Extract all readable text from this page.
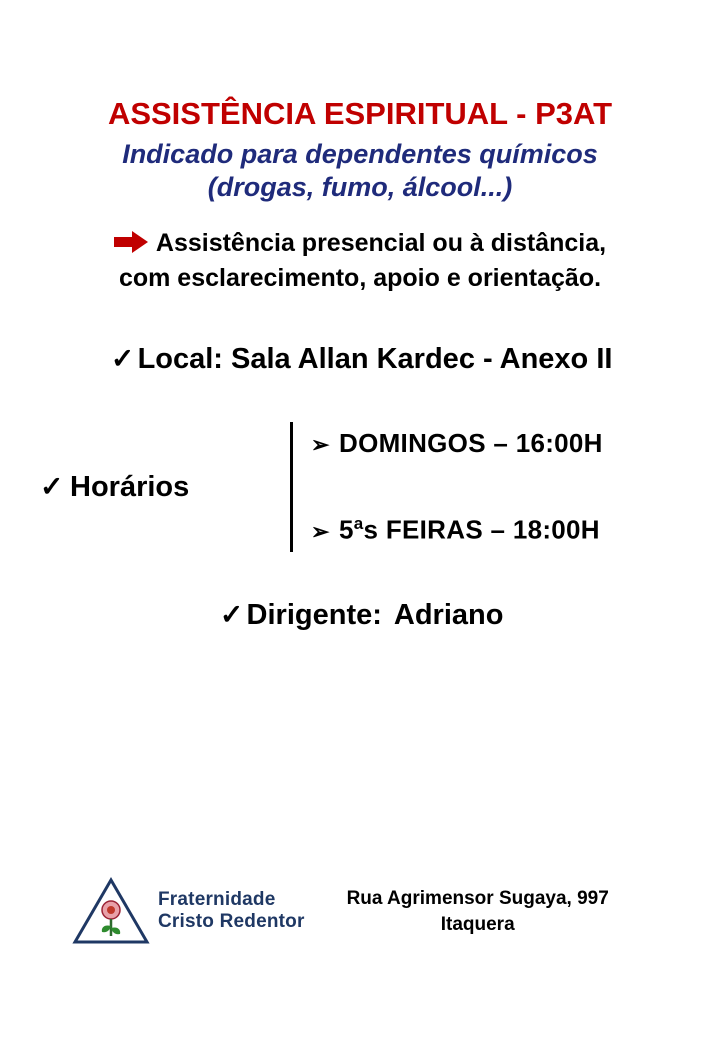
ASSISTÊNCIA ESPIRITUAL - P3AT
Indicado para dependentes químicos
(drogas, fumo, álcool...)
Assistência presencial ou à distância,
com esclarecimento, apoio e orientação.
✓ Local: Sala Allan Kardec - Anexo II
✓ Horários
➢ DOMINGOS – 16:00H
➢ 5$^a$s FEIRAS – 18:00H
✓ Dirigente: Adriano
Fraternidade
Cristo Redentor
Rua Agrimensor Sugaya, 997
Itaquera
